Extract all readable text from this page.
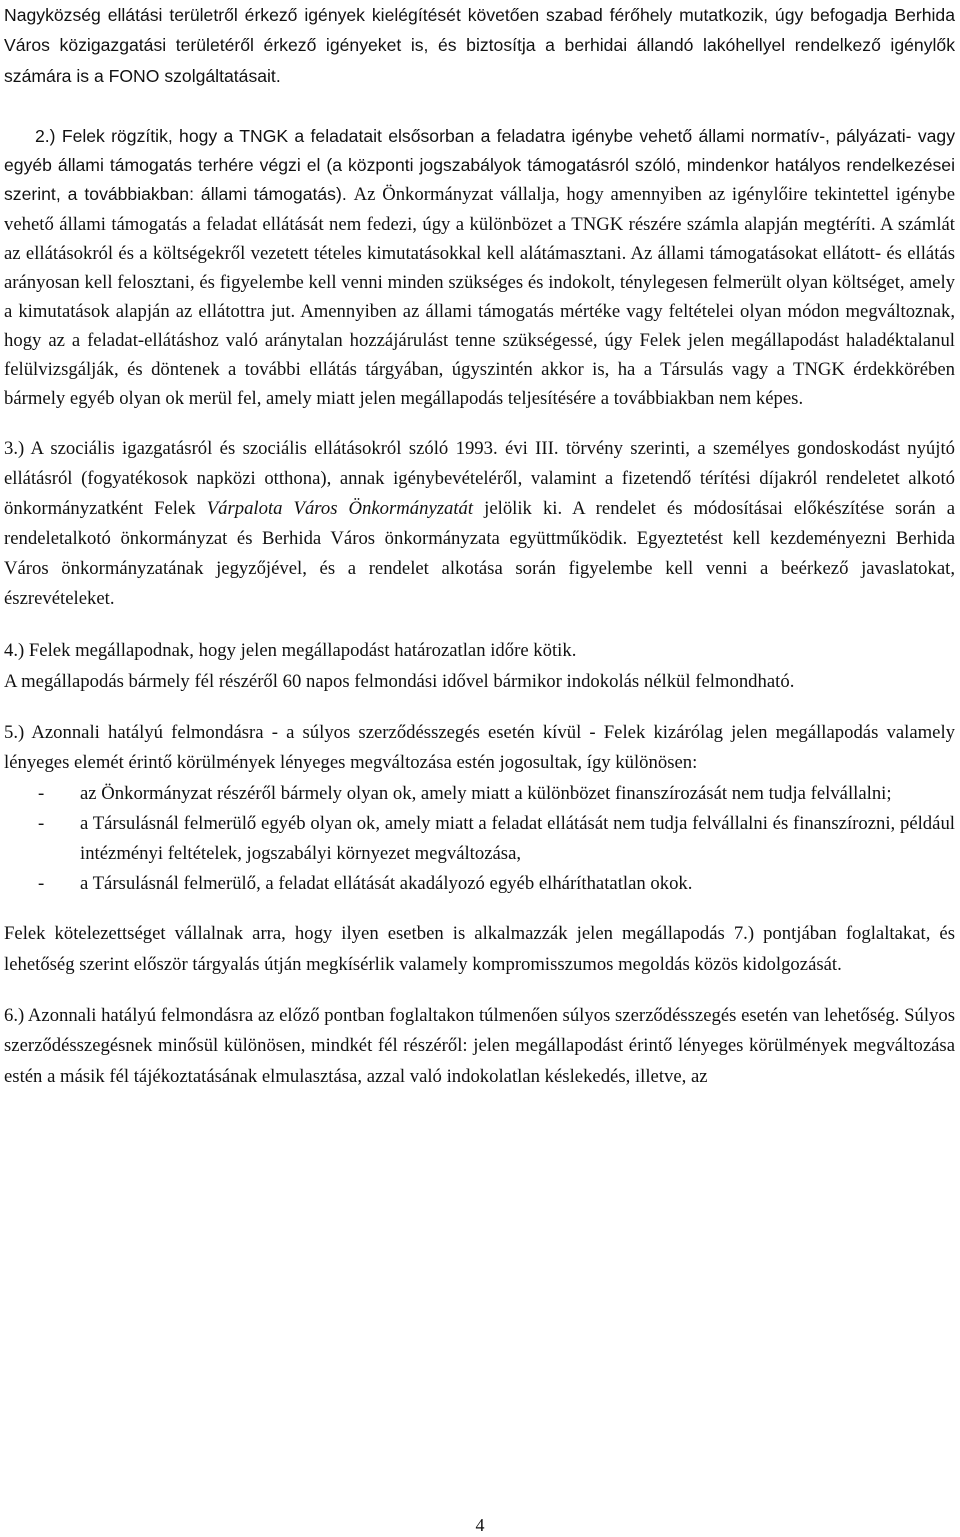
Nagyközség ellátási területről érkező igények kielégítését követően szabad férőhely mutatkozik, úgy befogadja Berhida Város közigazgatási területéről érkező igényeket is, és biztosítja a berhidai állandó lakóhellyel rendelkező igénylők számára is a FONO szolgáltatásait.

2.) Felek rögzítik, hogy a TNGK a feladatait elsősorban a feladatra igénybe vehető állami normatív-, pályázati- vagy egyéb állami támogatás terhére végzi el (a központi jogszabályok támogatásról szóló, mindenkor hatályos rendelkezései szerint, a továbbiakban: állami támogatás). Az Önkormányzat vállalja, hogy amennyiben az igénylőire tekintettel igénybe vehető állami támogatás a feladat ellátását nem fedezi, úgy a különbözet a TNGK részére számla alapján megtéríti. A számlát az ellátásokról és a költségekről vezetett tételes kimutatásokkal kell alátámasztani. Az állami támogatásokat ellátott- és ellátás arányosan kell felosztani, és figyelembe kell venni minden szükséges és indokolt, ténylegesen felmerült olyan költséget, amely a kimutatások alapján az ellátottra jut. Amennyiben az állami támogatás mértéke vagy feltételei olyan módon megváltoznak, hogy az a feladat-ellátáshoz való aránytalan hozzájárulást tenne szükségessé, úgy Felek jelen megállapodást haladéktalanul felülvizsgálják, és döntenek a további ellátás tárgyában, úgyszintén akkor is, ha a Társulás vagy a TNGK érdekkörében bármely egyéb olyan ok merül fel, amely miatt jelen megállapodás teljesítésére a továbbiakban nem képes.

3.) A szociális igazgatásról és szociális ellátásokról szóló 1993. évi III. törvény szerinti, a személyes gondoskodást nyújtó ellátásról (fogyatékosok napközi otthona), annak igénybevételéről, valamint a fizetendő térítési díjakról rendeletet alkotó önkormányzatként Felek Várpalota Város Önkormányzatát jelölik ki. A rendelet és módosításai előkészítése során a rendeletalkotó önkormányzat és Berhida Város önkormányzata együttműködik. Egyeztetést kell kezdeményezni Berhida Város önkormányzatának jegyzőjével, és a rendelet alkotása során figyelembe kell venni a beérkező javaslatokat, észrevételeket.

4.) Felek megállapodnak, hogy jelen megállapodást határozatlan időre kötik.

A megállapodás bármely fél részéről 60 napos felmondási idővel bármikor indokolás nélkül felmondható.

5.) Azonnali hatályú felmondásra - a súlyos szerződésszegés esetén kívül - Felek kizárólag jelen megállapodás valamely lényeges elemét érintő körülmények lényeges megváltozása estén jogosultak, így különösen:

- az Önkormányzat részéről bármely olyan ok, amely miatt a különbözet finanszírozását nem tudja felvállalni;
- a Társulásnál felmerülő egyéb olyan ok, amely miatt a feladat ellátását nem tudja felvállalni és finanszírozni, például intézményi feltételek, jogszabályi környezet megváltozása,
- a Társulásnál felmerülő, a feladat ellátását akadályozó egyéb elháríthatatlan okok.

Felek kötelezettséget vállalnak arra, hogy ilyen esetben is alkalmazzák jelen megállapodás 7.) pontjában foglaltakat, és lehetőség szerint először tárgyalás útján megkísérlik valamely kompromisszumos megoldás közös kidolgozását.

6.) Azonnali hatályú felmondásra az előző pontban foglaltakon túlmenően súlyos szerződésszegés esetén van lehetőség. Súlyos szerződésszegésnek minősül különösen, mindkét fél részéről: jelen megállapodást érintő lényeges körülmények megváltozása estén a másik fél tájékoztatásának elmulasztása, azzal való indokolatlan késlekedés, illetve, az

4
